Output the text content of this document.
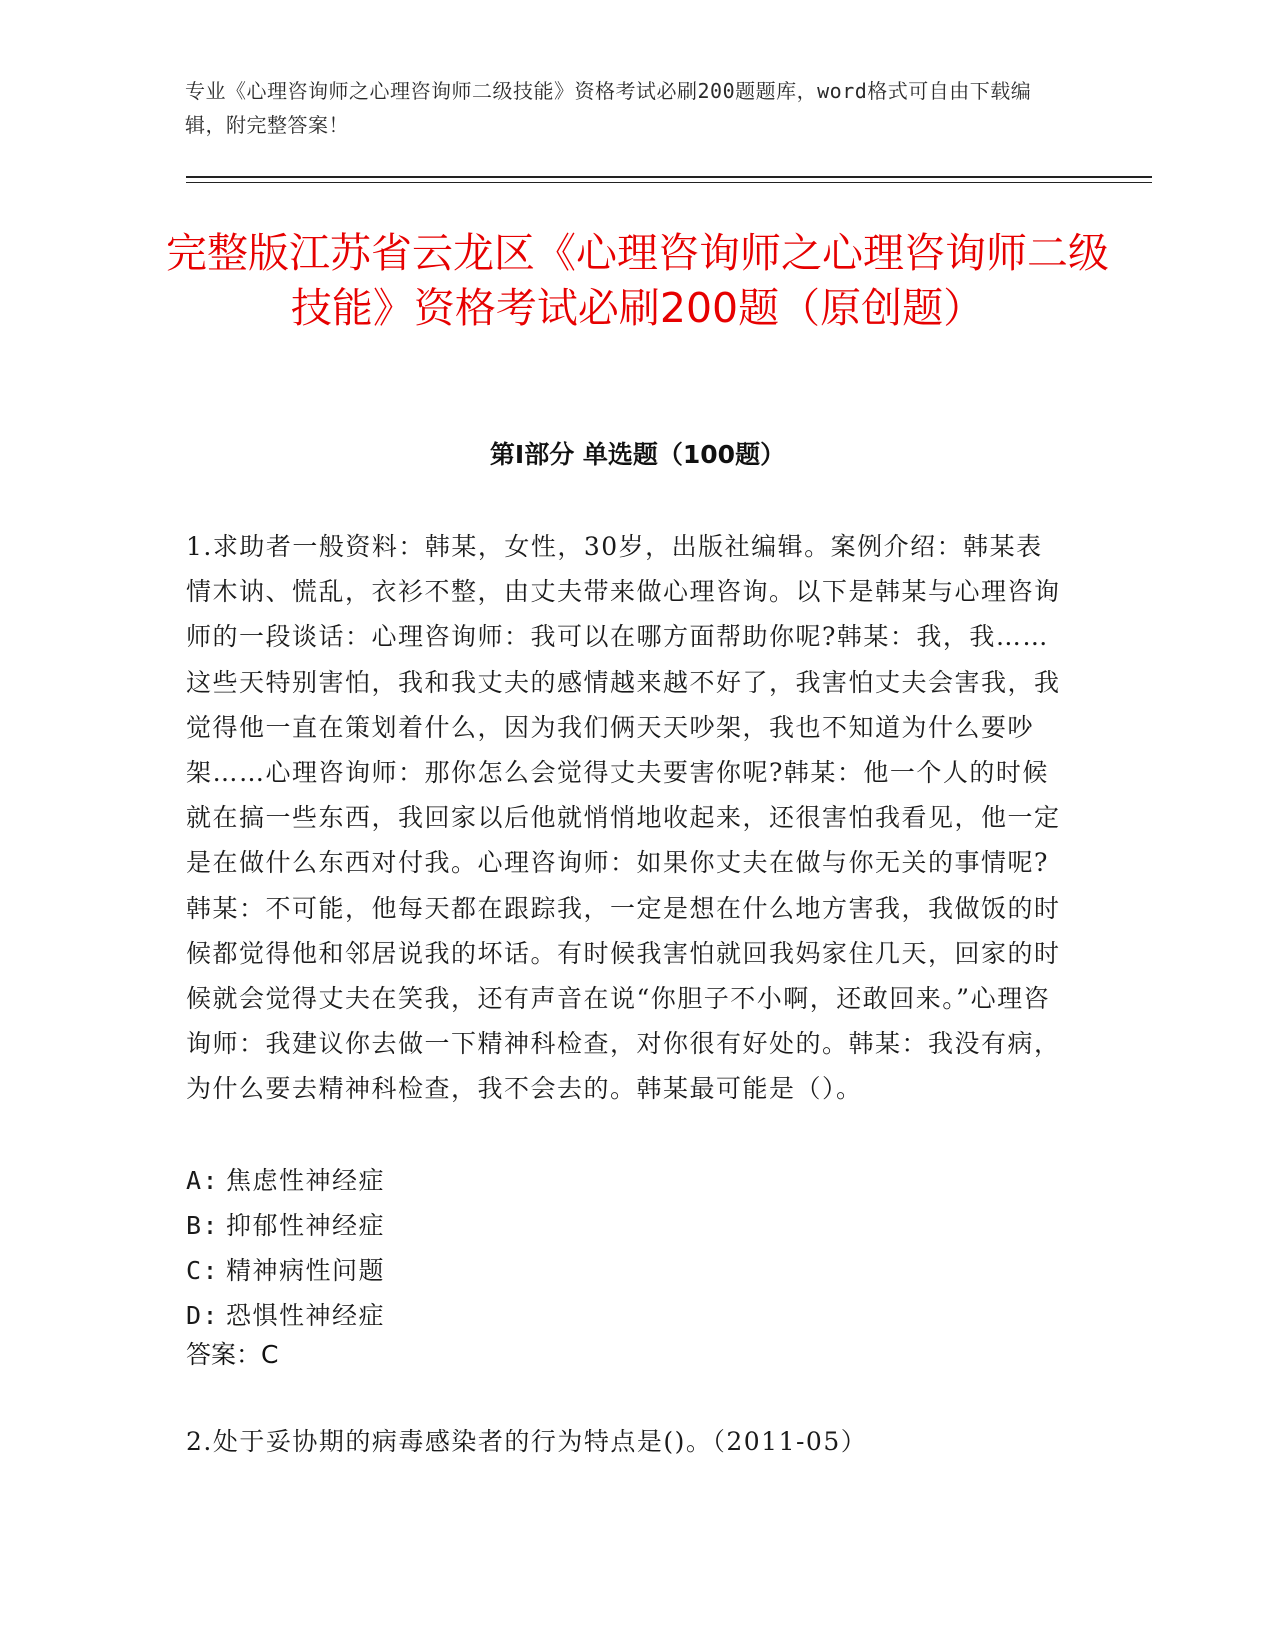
专业《心理咨询师之心理咨询师二级技能》资格考试必刷200题题库，word格式可自由下载编辑，附完整答案！
完整版江苏省云龙区《心理咨询师之心理咨询师二级技能》资格考试必刷200题（原创题）
第Ⅰ部分 单选题（100题）
1.求助者一般资料：韩某，女性，30岁，出版社编辑。案例介绍：韩某表情木讷、慌乱，衣衫不整，由丈夫带来做心理咨询。以下是韩某与心理咨询师的一段谈话：心理咨询师：我可以在哪方面帮助你呢?韩某：我，我……这些天特别害怕，我和我丈夫的感情越来越不好了，我害怕丈夫会害我，我觉得他一直在策划着什么，因为我们俩天天吵架，我也不知道为什么要吵架……心理咨询师：那你怎么会觉得丈夫要害你呢?韩某：他一个人的时候就在搞一些东西，我回家以后他就悄悄地收起来，还很害怕我看见，他一定是在做什么东西对付我。心理咨询师：如果你丈夫在做与你无关的事情呢?韩某：不可能，他每天都在跟踪我，一定是想在什么地方害我，我做饭的时候都觉得他和邻居说我的坏话。有时候我害怕就回我妈家住几天，回家的时候就会觉得丈夫在笑我，还有声音在说“你胆子不小啊，还敢回来。”心理咨询师：我建议你去做一下精神科检查，对你很有好处的。韩某：我没有病，为什么要去精神科检查，我不会去的。韩某最可能是（）。
A: 焦虑性神经症
B: 抑郁性神经症
C: 精神病性问题
D: 恐惧性神经症
答案：C
2.处于妥协期的病毒感染者的行为特点是()。（2011-05）
